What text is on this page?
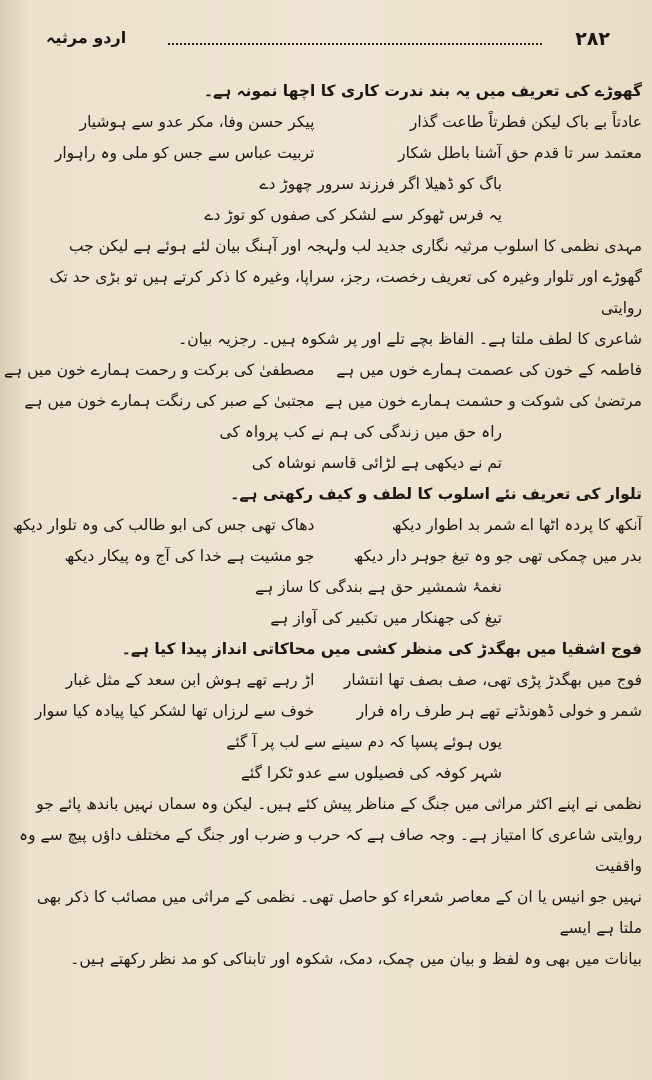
۲۸۲
اردو مرثیہ

گھوڑے کی تعریف میں یہ بند ندرت کاری کا اچھا نمونہ ہے۔

عادتاً بے باک لیکن فطرتاً طاعت گذار
پیکر حسن وفا، مکر عدو سے ہوشیار
معتمد سر تا قدم حق آشنا باطل شکار
تربیت عباس سے جس کو ملی وہ راہوار
باگ کو ڈھیلا اگر فرزند سرور چھوڑ دے
یہ فرس ٹھوکر سے لشکر کی صفوں کو توڑ دے

مہدی نظمی کا اسلوب مرثیہ نگاری جدید لب ولہجہ اور آہنگ بیان لئے ہوئے ہے لیکن جب

گھوڑے اور تلوار وغیرہ کی تعریف رخصت، رجز، سراپا، وغیرہ کا ذکر کرتے ہیں تو بڑی حد تک روایتی

شاعری کا لطف ملتا ہے۔ الفاظ بچے تلے اور پر شکوہ ہیں۔ رجزیہ بیان۔

فاطمہ کے خون کی عصمت ہمارے خوں میں ہے
مصطفیٰ کی برکت و رحمت ہمارے خون میں ہے
مرتضیٰ کی شوکت و حشمت ہمارے خون میں ہے
مجتبیٰ کے صبر کی رنگت ہمارے خون میں ہے
راہ حق میں زندگی کی ہم نے کب پرواہ کی
تم نے دیکھی ہے لڑائی قاسم نوشاہ کی

تلوار کی تعریف نئے اسلوب کا لطف و کیف رکھتی ہے۔

آنکھ کا پردہ اٹھا اے شمر بد اطوار دیکھ
دھاک تھی جس کی ابو طالب کی وہ تلوار دیکھ
بدر میں چمکی تھی جو وہ تیغ جوہر دار دیکھ
جو مشیت ہے خدا کی آج وہ پیکار دیکھ
نغمۂ شمشیر حق ہے بندگی کا ساز ہے
تیغ کی جھنکار میں تکبیر کی آواز ہے

فوج اشقیا میں بھگدڑ کی منظر کشی میں محاکاتی انداز پیدا کیا ہے۔

فوج میں بھگدڑ پڑی تھی، صف بصف تھا انتشار
اڑ رہے تھے ہوش ابن سعد کے مثل غبار
شمر و خولی ڈھونڈتے تھے ہر طرف راہ فرار
خوف سے لرزاں تھا لشکر کیا پیادہ کیا سوار
یوں ہوئے پسپا کہ دم سینے سے لب پر آ گئے
شہر کوفہ کی فصیلوں سے عدو ٹکرا گئے

نظمی نے اپنے اکثر مراثی میں جنگ کے مناظر پیش کئے ہیں۔ لیکن وہ سماں نہیں باندھ پائے جو

روایتی شاعری کا امتیاز ہے۔ وجہ صاف ہے کہ حرب و ضرب اور جنگ کے مختلف داؤں پیچ سے وہ واقفیت

نہیں جو انیس یا ان کے معاصر شعراء کو حاصل تھی۔ نظمی کے مراثی میں مصائب کا ذکر بھی ملتا ہے ایسے

بیانات میں بھی وہ لفظ و بیان میں چمک، دمک، شکوہ اور تابناکی کو مد نظر رکھتے ہیں۔
